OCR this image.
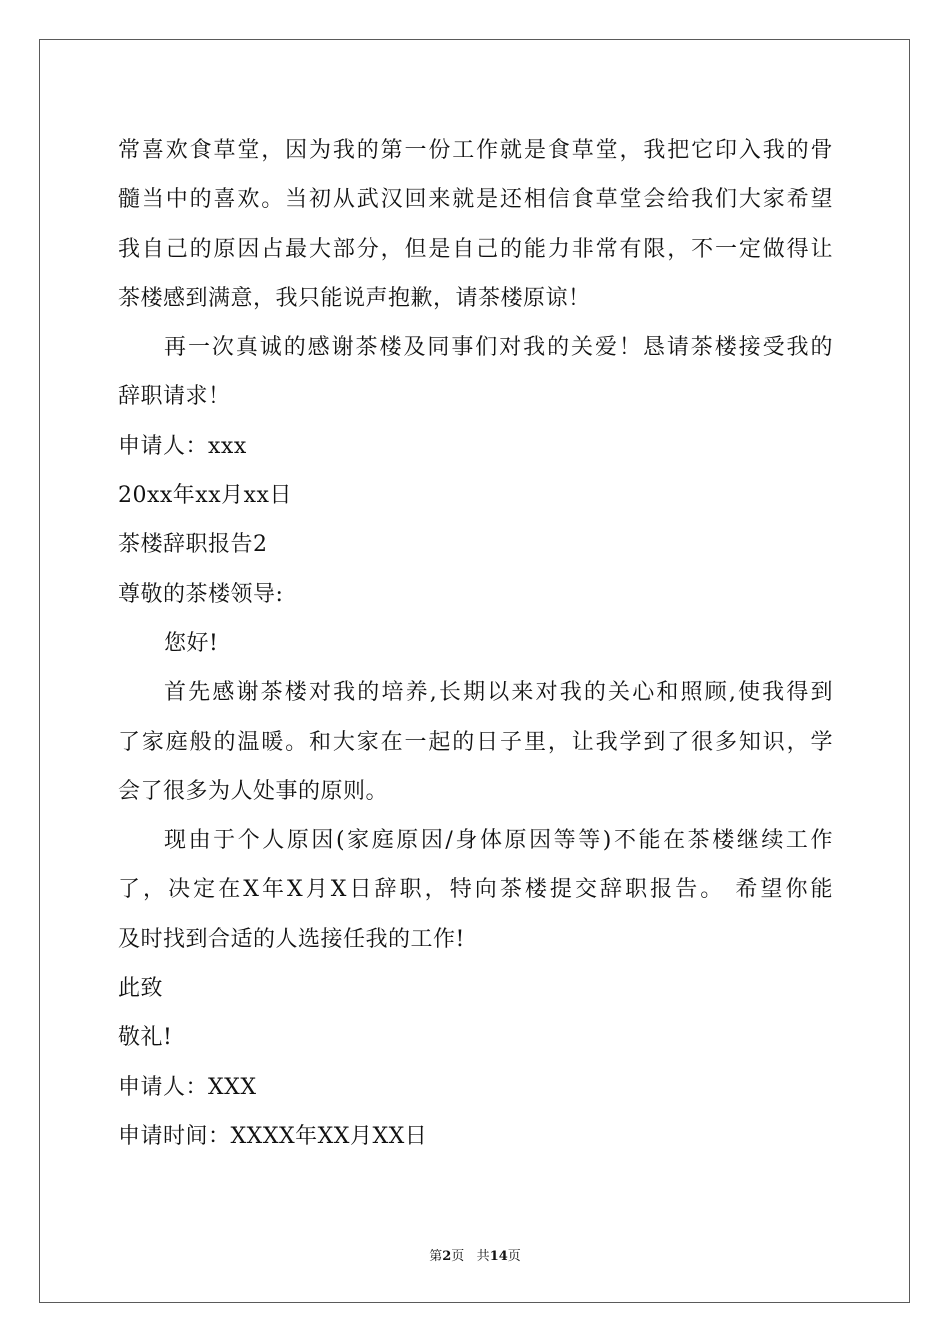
常喜欢食草堂，因为我的第一份工作就是食草堂，我把它印入我的骨
髓当中的喜欢。当初从武汉回来就是还相信食草堂会给我们大家希望
我自己的原因占最大部分，但是自己的能力非常有限，不一定做得让
茶楼感到满意，我只能说声抱歉，请茶楼原谅！
再一次真诚的感谢茶楼及同事们对我的关爱！恳请茶楼接受我的
辞职请求！
申请人：xxx
20xx年xx月xx日
茶楼辞职报告2
尊敬的茶楼领导:
您好!
首先感谢茶楼对我的培养,长期以来对我的关心和照顾,使我得到
了家庭般的温暖。和大家在一起的日子里，让我学到了很多知识，学
会了很多为人处事的原则。
现由于个人原因(家庭原因/身体原因等等)不能在茶楼继续工作
了，决定在X年X月X日辞职，特向茶楼提交辞职报告。 希望你能
及时找到合适的人选接任我的工作!
此致
敬礼!
申请人：XXX
申请时间：XXXX年XX月XX日
第2页 共14页
